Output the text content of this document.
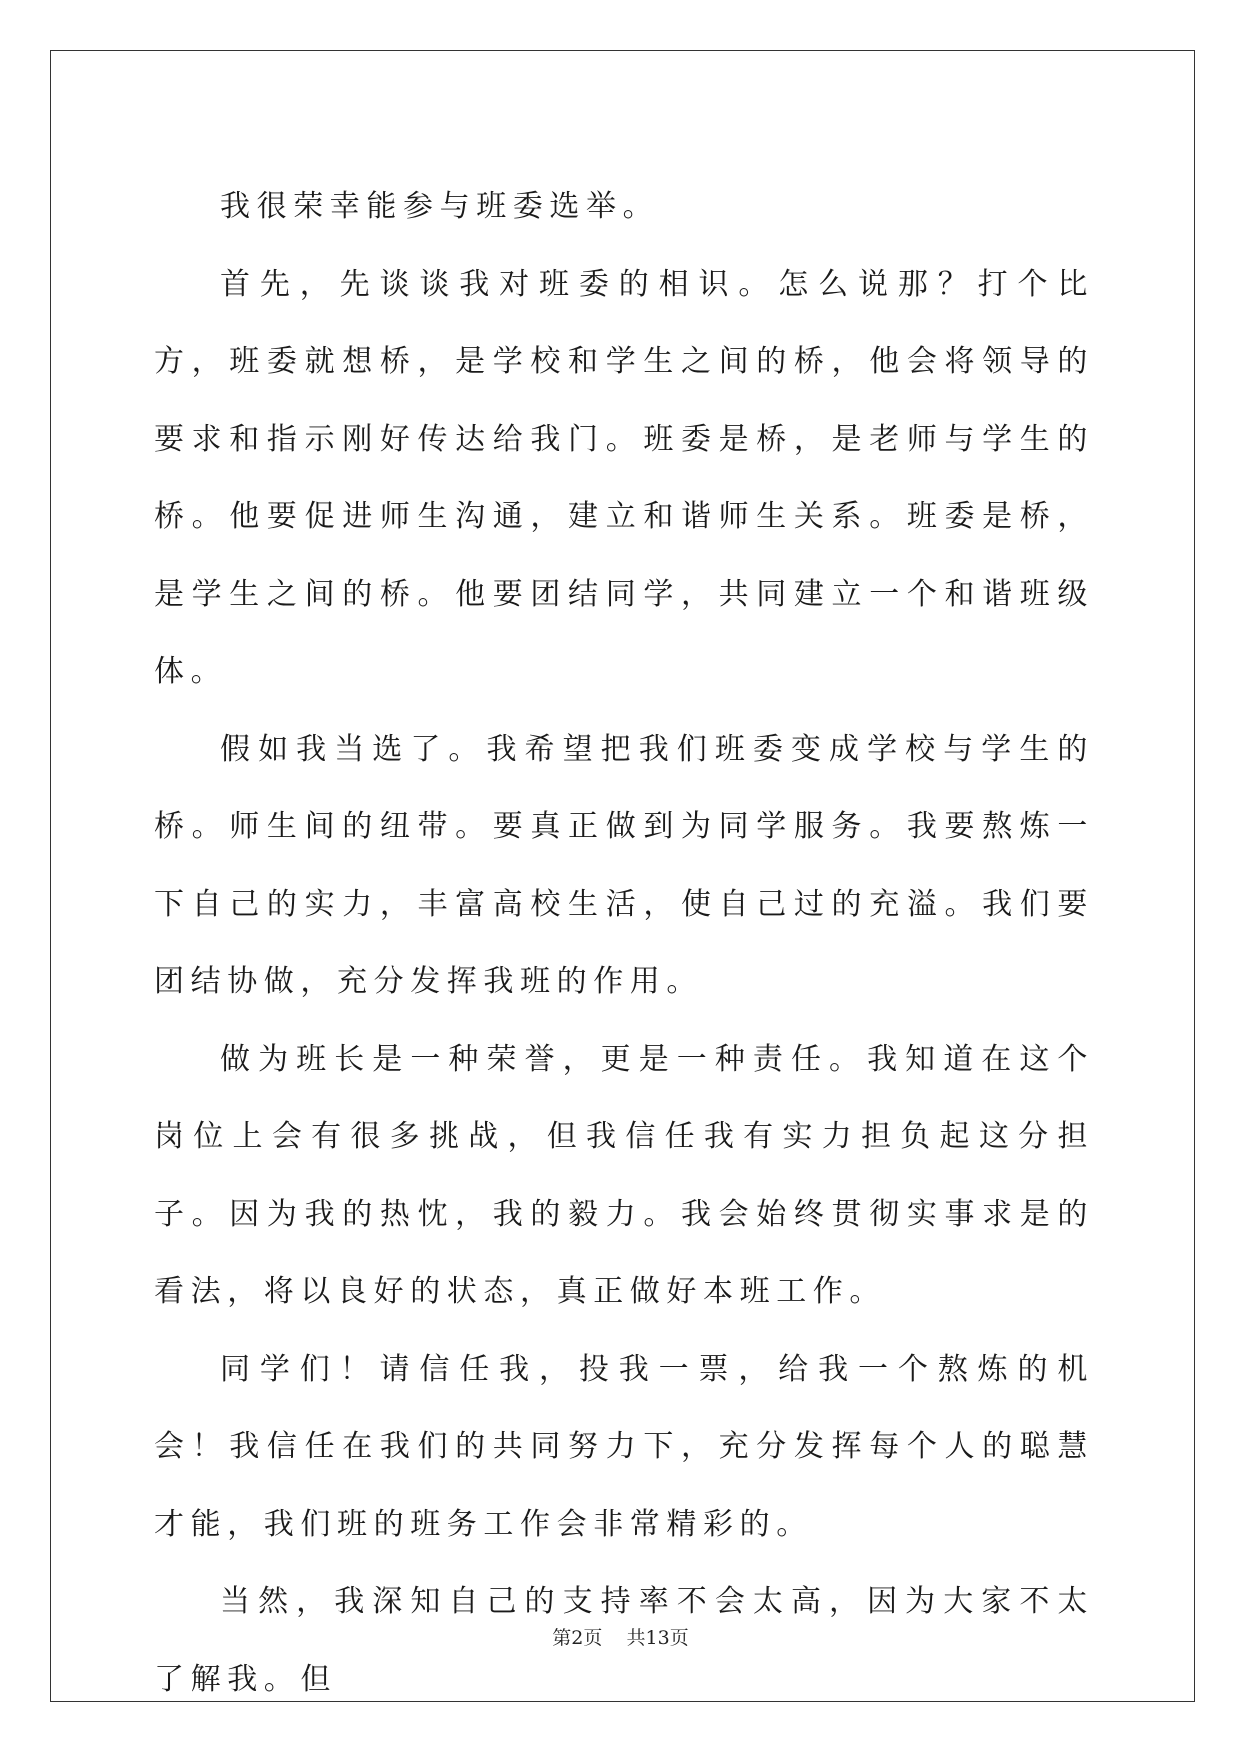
我很荣幸能参与班委选举。

首先，先谈谈我对班委的相识。怎么说那？打个比方，班委就想桥，是学校和学生之间的桥，他会将领导的要求和指示刚好传达给我门。班委是桥，是老师与学生的桥。他要促进师生沟通，建立和谐师生关系。班委是桥，是学生之间的桥。他要团结同学，共同建立一个和谐班级体。

假如我当选了。我希望把我们班委变成学校与学生的桥。师生间的纽带。要真正做到为同学服务。我要熬炼一下自己的实力，丰富高校生活，使自己过的充溢。我们要团结协做，充分发挥我班的作用。

做为班长是一种荣誉，更是一种责任。我知道在这个岗位上会有很多挑战，但我信任我有实力担负起这分担子。因为我的热忱，我的毅力。我会始终贯彻实事求是的看法，将以良好的状态，真正做好本班工作。

同学们！请信任我，投我一票，给我一个熬炼的机会！我信任在我们的共同努力下，充分发挥每个人的聪慧才能，我们班的班务工作会非常精彩的。

当然，我深知自己的支持率不会太高，因为大家不太了解我。但

第2页    共13页
